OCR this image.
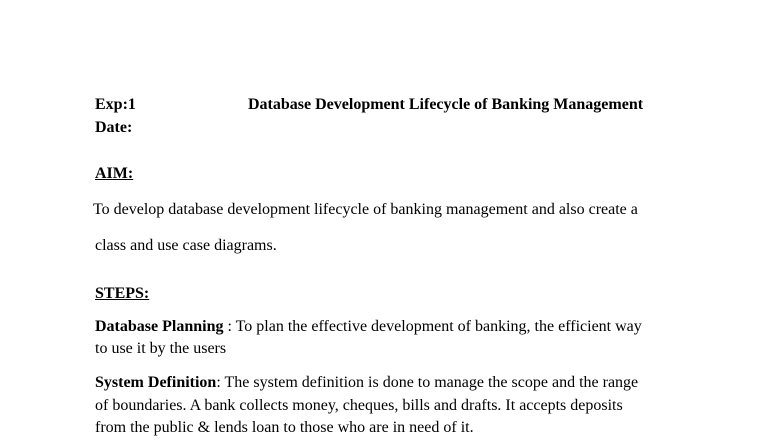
Exp:1	Database Development Lifecycle of Banking Management
Date:
AIM:
To develop database development lifecycle of banking management and also create a
class and use case diagrams.
STEPS:
Database Planning : To plan the effective development of banking, the efficient way
to use it by the users
System Definition: The system definition is done to manage the scope and the range
of boundaries. A bank collects money, cheques, bills and drafts. It accepts deposits
from the public & lends loan to those who are in need of it.
